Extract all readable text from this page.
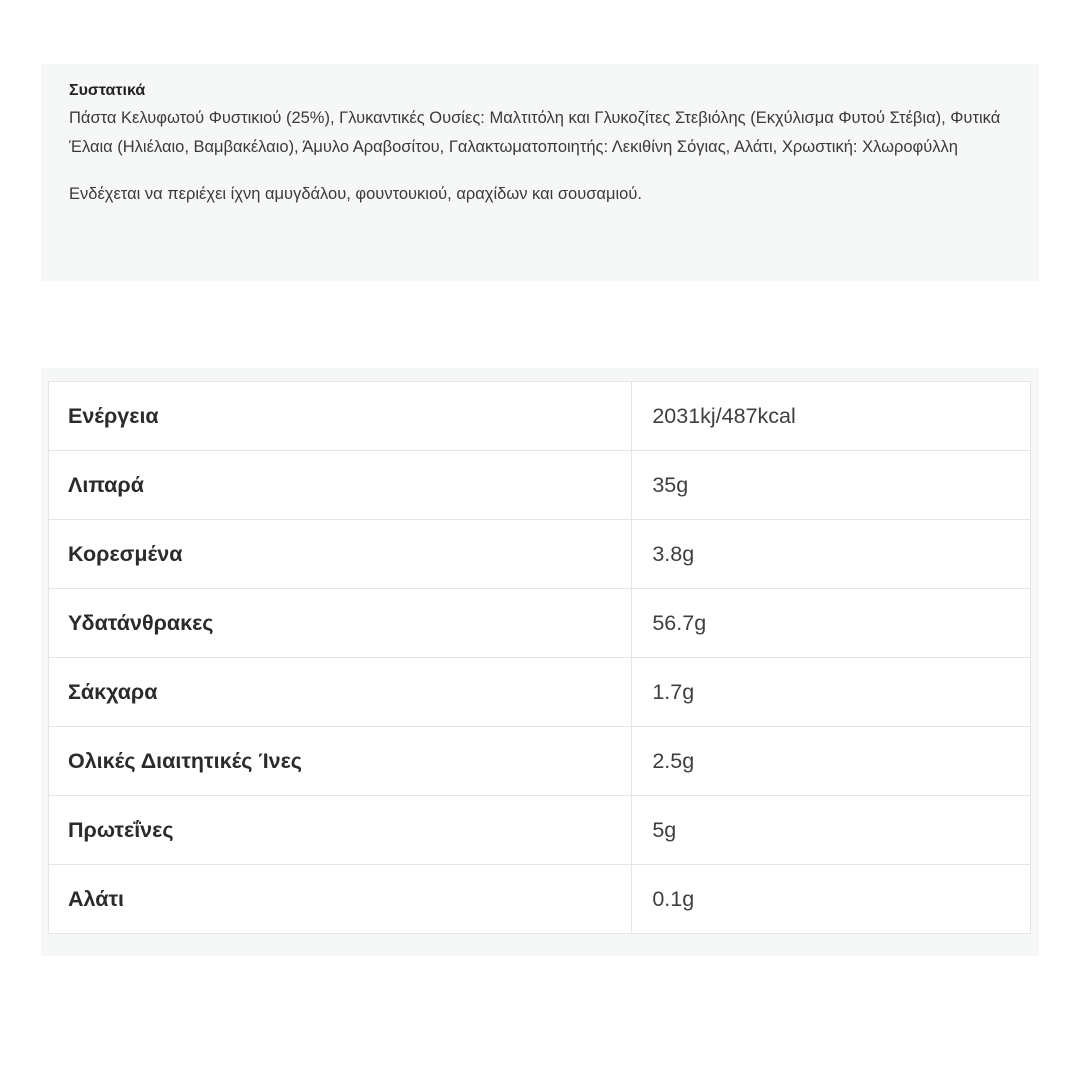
Συστατικά

Πάστα Κελυφωτού Φυστικιού (25%), Γλυκαντικές Ουσίες: Μαλτιτόλη και Γλυκοζίτες Στεβιόλης (Εκχύλισμα Φυτού Στέβια), Φυτικά Έλαια (Ηλιέλαιο, Βαμβακέλαιο), Άμυλο Αραβοσίτου, Γαλακτωματοποιητής: Λεκιθίνη Σόγιας, Αλάτι, Χρωστική: Χλωροφύλλη

Ενδέχεται να περιέχει ίχνη αμυγδάλου, φουντουκιού, αραχίδων και σουσαμιού.

Ενέργεια	2031kj/487kcal
Λιπαρά	35g
Κορεσμένα	3.8g
Υδατάνθρακες	56.7g
Σάκχαρα	1.7g
Ολικές Διαιτητικές Ίνες	2.5g
Πρωτεΐνες	5g
Αλάτι	0.1g
